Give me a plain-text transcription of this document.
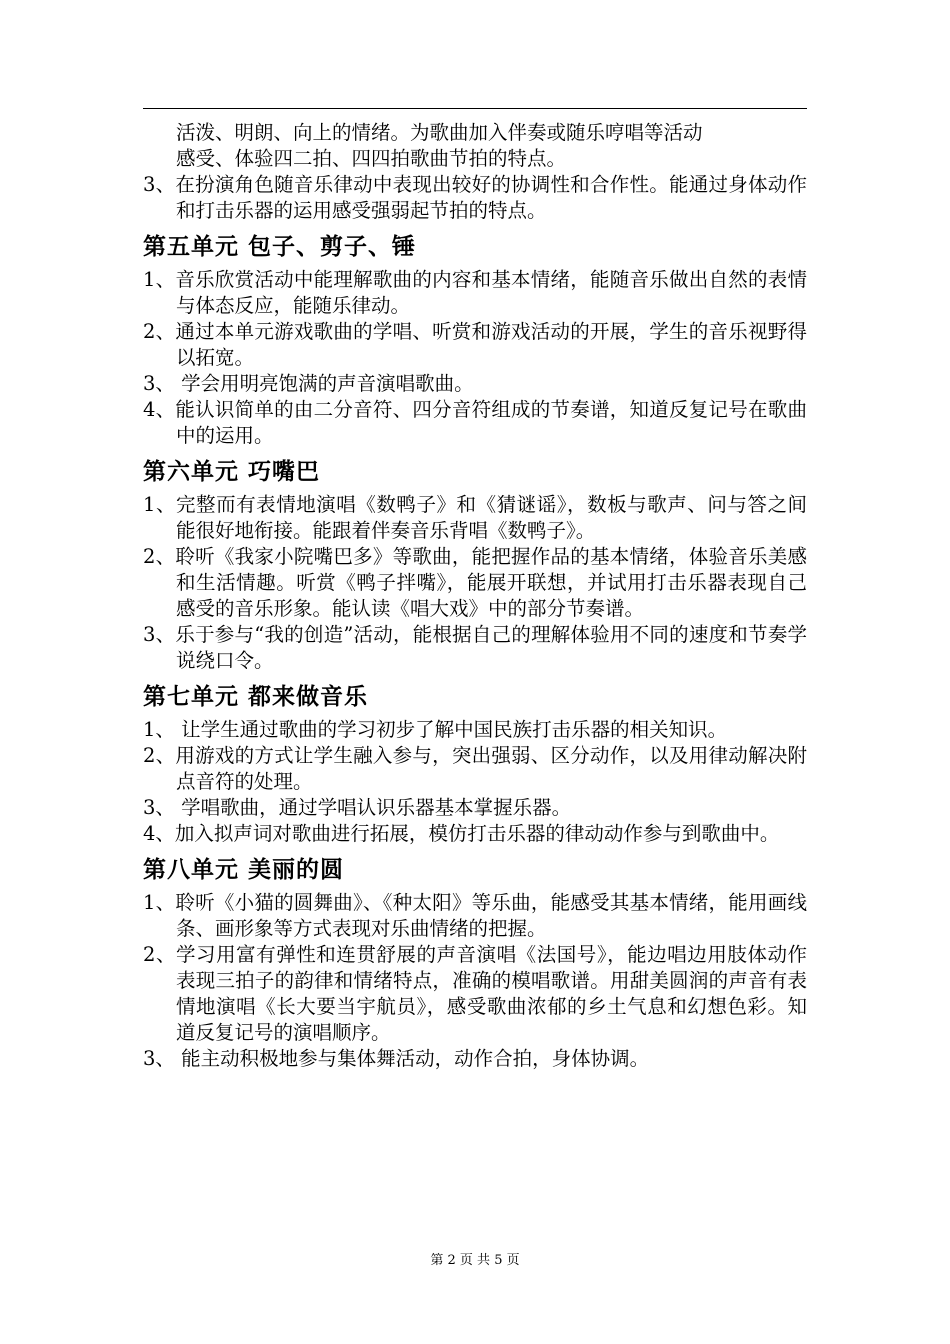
活泼、明朗、向上的情绪。为歌曲加入伴奏或随乐哼唱等活动

感受、体验四二拍、四四拍歌曲节拍的特点。

3、在扮演角色随音乐律动中表现出较好的协调性和合作性。能通过身体动作和打击乐器的运用感受强弱起节拍的特点。

第五单元 包子、剪子、锤

1、音乐欣赏活动中能理解歌曲的内容和基本情绪，能随音乐做出自然的表情与体态反应，能随乐律动。

2、通过本单元游戏歌曲的学唱、听赏和游戏活动的开展，学生的音乐视野得以拓宽。

3、 学会用明亮饱满的声音演唱歌曲。

4、能认识简单的由二分音符、四分音符组成的节奏谱，知道反复记号在歌曲中的运用。

第六单元 巧嘴巴

1、完整而有表情地演唱《数鸭子》和《猜谜谣》，数板与歌声、问与答之间能很好地衔接。能跟着伴奏音乐背唱《数鸭子》。

2、聆听《我家小院嘴巴多》等歌曲，能把握作品的基本情绪，体验音乐美感和生活情趣。听赏《鸭子拌嘴》，能展开联想，并试用打击乐器表现自己感受的音乐形象。能认读《唱大戏》中的部分节奏谱。

3、乐于参与“我的创造”活动，能根据自己的理解体验用不同的速度和节奏学说绕口令。

第七单元 都来做音乐

1、 让学生通过歌曲的学习初步了解中国民族打击乐器的相关知识。

2、用游戏的方式让学生融入参与，突出强弱、区分动作，以及用律动解决附点音符的处理。

3、 学唱歌曲，通过学唱认识乐器基本掌握乐器。

4、加入拟声词对歌曲进行拓展，模仿打击乐器的律动动作参与到歌曲中。

第八单元 美丽的圆

1、聆听《小猫的圆舞曲》、《种太阳》等乐曲，能感受其基本情绪，能用画线条、画形象等方式表现对乐曲情绪的把握。

2、学习用富有弹性和连贯舒展的声音演唱《法国号》，能边唱边用肢体动作表现三拍子的韵律和情绪特点，准确的模唱歌谱。用甜美圆润的声音有表情地演唱《长大要当宇航员》，感受歌曲浓郁的乡土气息和幻想色彩。知道反复记号的演唱顺序。

3、 能主动积极地参与集体舞活动，动作合拍，身体协调。

第 2 页 共 5 页
